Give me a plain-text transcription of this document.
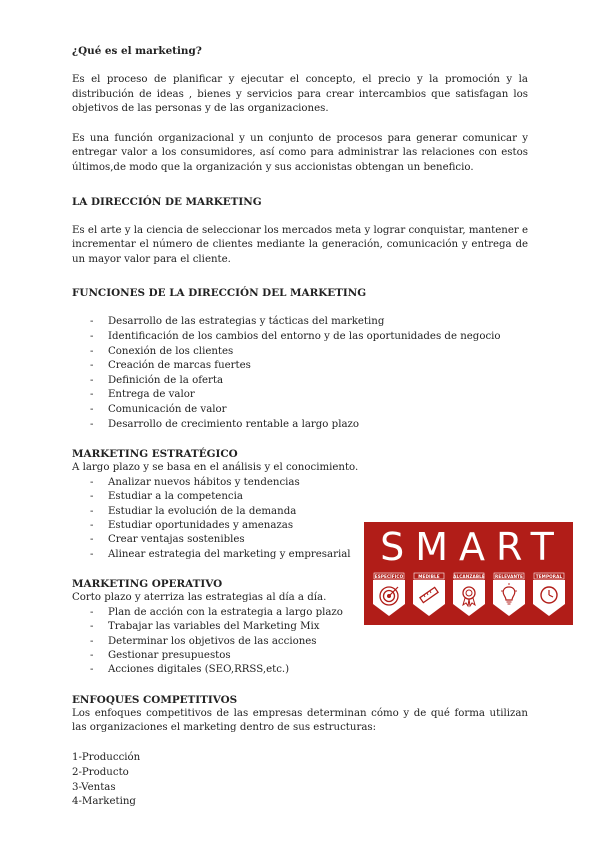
¿Qué es el marketing?

Es el proceso de planificar y ejecutar el concepto, el precio y la promoción y la distribución de ideas , bienes y servicios para crear intercambios que satisfagan los objetivos de las personas y de las organizaciones.

Es una función organizacional y un conjunto de procesos para generar comunicar y entregar valor a los consumidores, así como para administrar las relaciones con estos últimos,de modo que la organización y sus accionistas obtengan un beneficio.

LA DIRECCIÓN DE MARKETING

Es el arte y la ciencia de seleccionar los mercados meta y lograr conquistar, mantener e incrementar el número de clientes mediante la generación, comunicación y entrega de un mayor valor para el cliente.

FUNCIONES DE LA DIRECCIÓN DEL MARKETING
- Desarrollo de las estrategias y tácticas del marketing
- Identificación de los cambios del entorno y de las oportunidades de negocio
- Conexión de los clientes
- Creación de marcas fuertes
- Definición de la oferta
- Entrega de valor
- Comunicación de valor
- Desarrollo de crecimiento rentable a largo plazo
MARKETING ESTRATÉGICO

A largo plazo y se basa en el análisis y el conocimiento.

- Analizar nuevos hábitos y tendencias
- Estudiar a la competencia
- Estudiar la evolución de la demanda
- Estudiar oportunidades y amenazas
- Crear ventajas sostenibles
- Alinear estrategia del marketing y empresarial
MARKETING OPERATIVO

Corto plazo y aterriza las estrategias al día a día.

- Plan de acción con la estrategia a largo plazo
- Trabajar las variables del Marketing Mix
- Determinar los objetivos de las acciones
- Gestionar presupuestos
- Acciones digitales (SEO,RRSS,etc.)
ENFOQUES COMPETITIVOS

Los enfoques competitivos de las empresas determinan cómo y de qué forma utilizan las organizaciones el marketing dentro de sus estructuras:

1-Producción
2-Producto
3-Ventas
4-Marketing
SMART
ESPECÍFICO	MEDIBLE	ALCANZABLE	RELEVANTE	TEMPORAL
